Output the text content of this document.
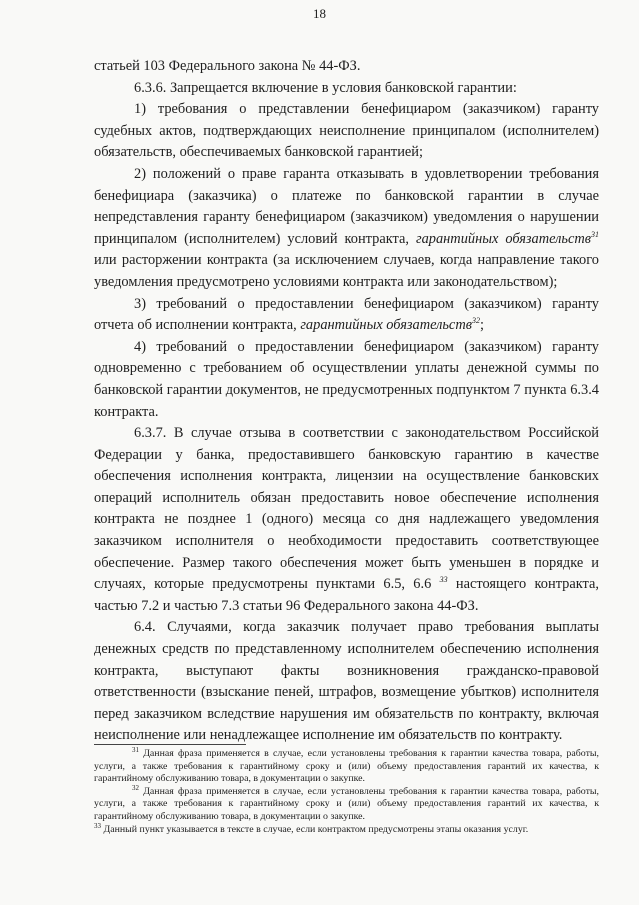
18

статьей 103 Федерального закона № 44-ФЗ.

6.3.6. Запрещается включение в условия банковской гарантии:

1) требования о представлении бенефициаром (заказчиком) гаранту судебных актов, подтверждающих неисполнение принципалом (исполнителем) обязательств, обеспечиваемых банковской гарантией;

2) положений о праве гаранта отказывать в удовлетворении требования бенефициара (заказчика) о платеже по банковской гарантии в случае непредставления гаранту бенефициаром (заказчиком) уведомления о нарушении принципалом (исполнителем) условий контракта, гарантийных обязательств$^{31}$ или расторжении контракта (за исключением случаев, когда направление такого уведомления предусмотрено условиями контракта или законодательством);

3) требований о предоставлении бенефициаром (заказчиком) гаранту отчета об исполнении контракта, гарантийных обязательств$^{32}$;

4) требований о предоставлении бенефициаром (заказчиком) гаранту одновременно с требованием об осуществлении уплаты денежной суммы по банковской гарантии документов, не предусмотренных подпунктом 7 пункта 6.3.4 контракта.

6.3.7. В случае отзыва в соответствии с законодательством Российской Федерации у банка, предоставившего банковскую гарантию в качестве обеспечения исполнения контракта, лицензии на осуществление банковских операций исполнитель обязан предоставить новое обеспечение исполнения контракта не позднее 1 (одного) месяца со дня надлежащего уведомления заказчиком исполнителя о необходимости предоставить соответствующее обеспечение. Размер такого обеспечения может быть уменьшен в порядке и случаях, которые предусмотрены пунктами 6.5, 6.6 $^{33}$ настоящего контракта, частью 7.2 и частью 7.3 статьи 96 Федерального закона 44-ФЗ.

6.4. Случаями, когда заказчик получает право требования выплаты денежных средств по представленному исполнителем обеспечению исполнения контракта, выступают факты возникновения гражданско-правовой ответственности (взыскание пеней, штрафов, возмещение убытков) исполнителя перед заказчиком вследствие нарушения им обязательств по контракту, включая неисполнение или ненадлежащее исполнение им обязательств по контракту.

$^{31}$ Данная фраза применяется в случае, если установлены требования к гарантии качества товара, работы, услуги, а также требования к гарантийному сроку и (или) объему предоставления гарантий их качества, к гарантийному обслуживанию товара, в документации о закупке.

$^{32}$ Данная фраза применяется в случае, если установлены требования к гарантии качества товара, работы, услуги, а также требования к гарантийному сроку и (или) объему предоставления гарантий их качества, к гарантийному обслуживанию товара, в документации о закупке.

$^{33}$ Данный пункт указывается в тексте в случае, если контрактом предусмотрены этапы оказания услуг.
